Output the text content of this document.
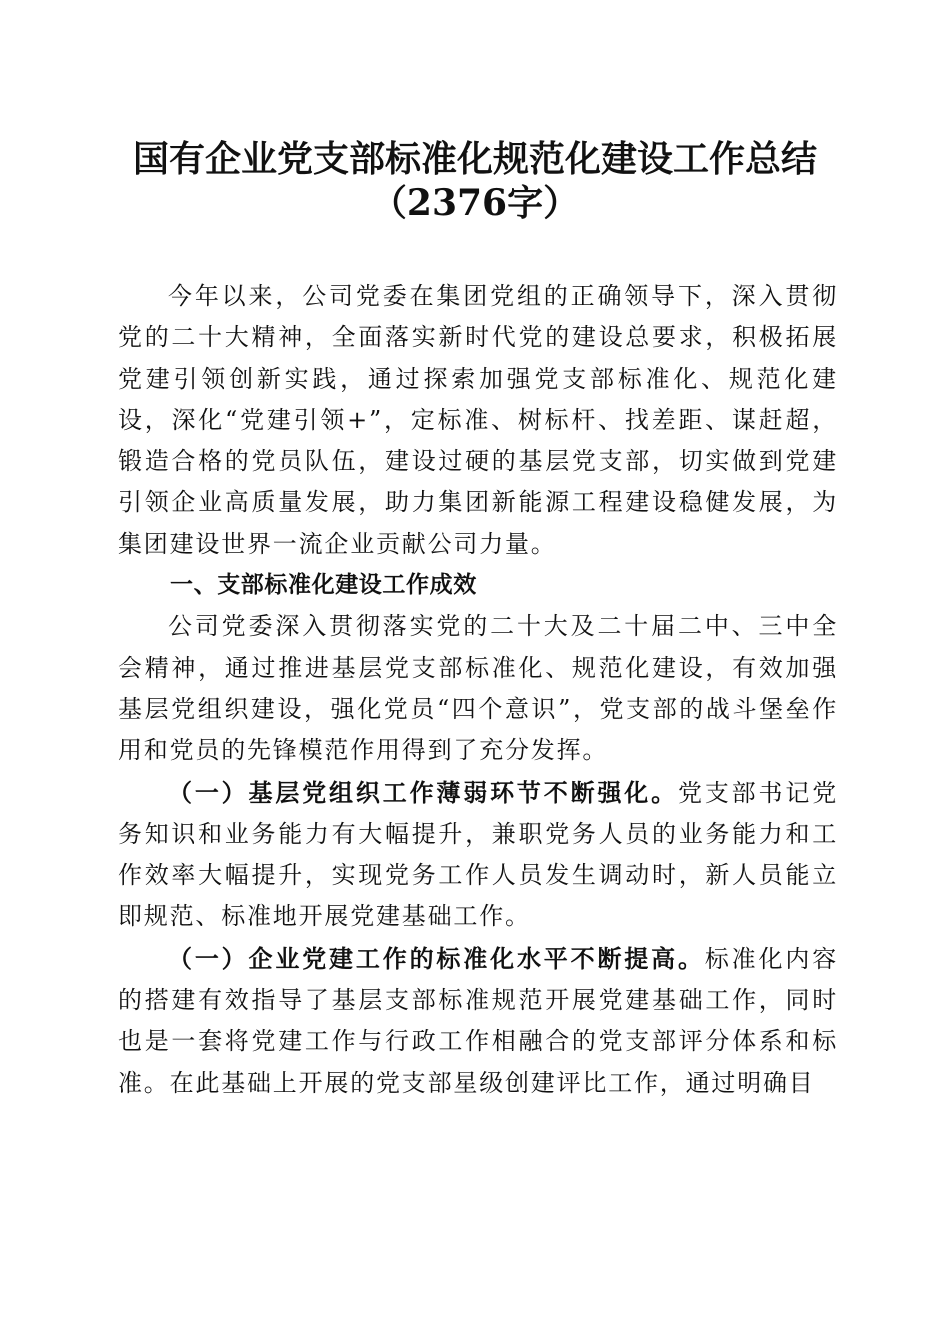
国有企业党支部标准化规范化建设工作总结
（2376字）

今年以来，公司党委在集团党组的正确领导下，深入贯彻党的二十大精神，全面落实新时代党的建设总要求，积极拓展党建引领创新实践，通过探索加强党支部标准化、规范化建设，深化“党建引领+”，定标准、树标杆、找差距、谋赶超，锻造合格的党员队伍，建设过硬的基层党支部，切实做到党建引领企业高质量发展，助力集团新能源工程建设稳健发展，为集团建设世界一流企业贡献公司力量。

一、支部标准化建设工作成效

公司党委深入贯彻落实党的二十大及二十届二中、三中全会精神，通过推进基层党支部标准化、规范化建设，有效加强基层党组织建设，强化党员“四个意识”，党支部的战斗堡垒作用和党员的先锋模范作用得到了充分发挥。

（一）基层党组织工作薄弱环节不断强化。党支部书记党务知识和业务能力有大幅提升，兼职党务人员的业务能力和工作效率大幅提升，实现党务工作人员发生调动时，新人员能立即规范、标准地开展党建基础工作。

（一）企业党建工作的标准化水平不断提高。标准化内容的搭建有效指导了基层支部标准规范开展党建基础工作，同时也是一套将党建工作与行政工作相融合的党支部评分体系和标准。在此基础上开展的党支部星级创建评比工作，通过明确目
